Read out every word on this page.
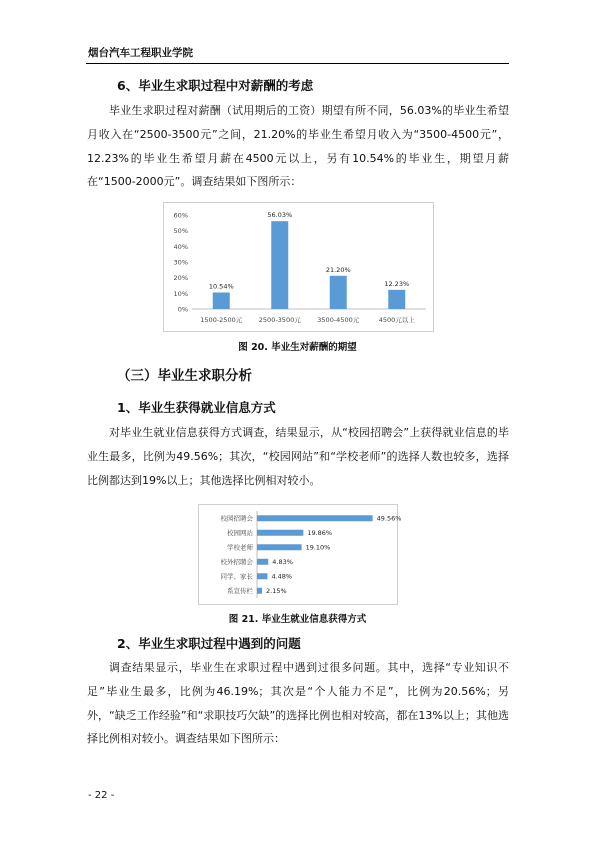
烟台汽车工程职业学院
6、毕业生求职过程中对薪酬的考虑
毕业生求职过程对薪酬（试用期后的工资）期望有所不同，56.03%的毕业生希望月收入在“2500-3500元”之间，21.20%的毕业生希望月收入为“3500-4500元”，12.23%的毕业生希望月薪在4500元以上，另有10.54%的毕业生，期望月薪在“1500-2000元”。调查结果如下图所示：
0%
10%
20%
30%
40%
50%
60%
10.54%
1500-2500元
56.03%
2500-3500元
21.20%
3500-4500元
12.23%
4500元以上
图 20. 毕业生对薪酬的期望
（三）毕业生求职分析
1、毕业生获得就业信息方式
对毕业生就业信息获得方式调查，结果显示，从“校园招聘会”上获得就业信息的毕业生最多，比例为49.56%；其次，“校园网站”和“学校老师”的选择人数也较多，选择比例都达到19%以上；其他选择比例相对较小。
校园招聘会	49.56%
校园网站	19.86%
学校老师	19.10%
校外招聘会	4.83%
同学、家长	4.48%
系宣传栏 2.15%
图 21. 毕业生就业信息获得方式
2、毕业生求职过程中遇到的问题
调查结果显示，毕业生在求职过程中遇到过很多问题。其中，选择“专业知识不足”毕业生最多，比例为46.19%；其次是“个人能力不足”，比例为20.56%；另外，“缺乏工作经验”和“求职技巧欠缺”的选择比例也相对较高，都在13%以上；其他选择比例相对较小。调查结果如下图所示：
- 22 -
